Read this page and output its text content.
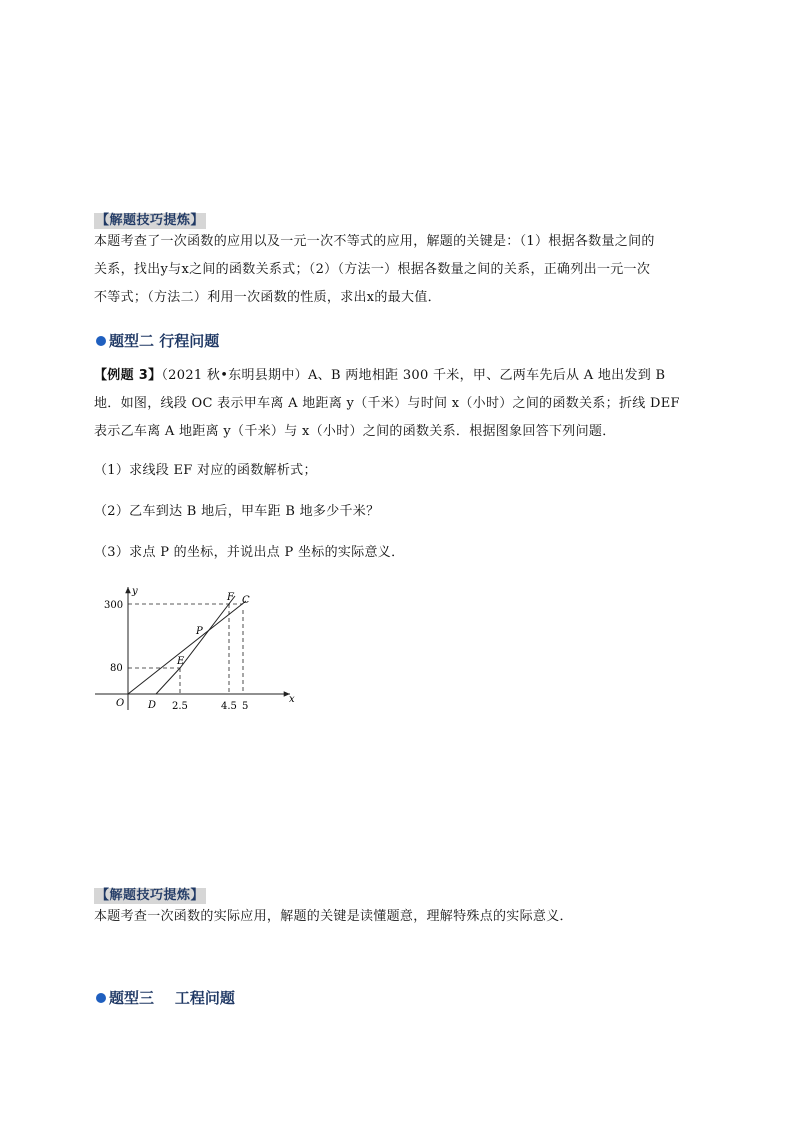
【解题技巧提炼】
本题考查了一次函数的应用以及一元一次不等式的应用，解题的关键是：（1）根据各数量之间的
关系，找出y与x之间的函数关系式；（2）（方法一）根据各数量之间的关系，正确列出一元一次
不等式；（方法二）利用一次函数的性质，求出x的最大值．
题型二 行程问题
【例题 3】（2021 秋•东明县期中）A、B 两地相距 300 千米，甲、乙两车先后从 A 地出发到 B
地．如图，线段 OC 表示甲车离 A 地距离 y（千米）与时间 x（小时）之间的函数关系；折线 DEF
表示乙车离 A 地距离 y（千米）与 x（小时）之间的函数关系．根据图象回答下列问题．
（1）求线段 EF 对应的函数解析式；
（2）乙车到达 B 地后，甲车距 B 地多少千米？
（3）求点 P 的坐标，并说出点 P 坐标的实际意义．
y
x
300
80
O D
E
F C
P
2.5	4.5 5
【解题技巧提炼】
本题考查一次函数的实际应用，解题的关键是读懂题意，理解特殊点的实际意义．
题型三    工程问题
